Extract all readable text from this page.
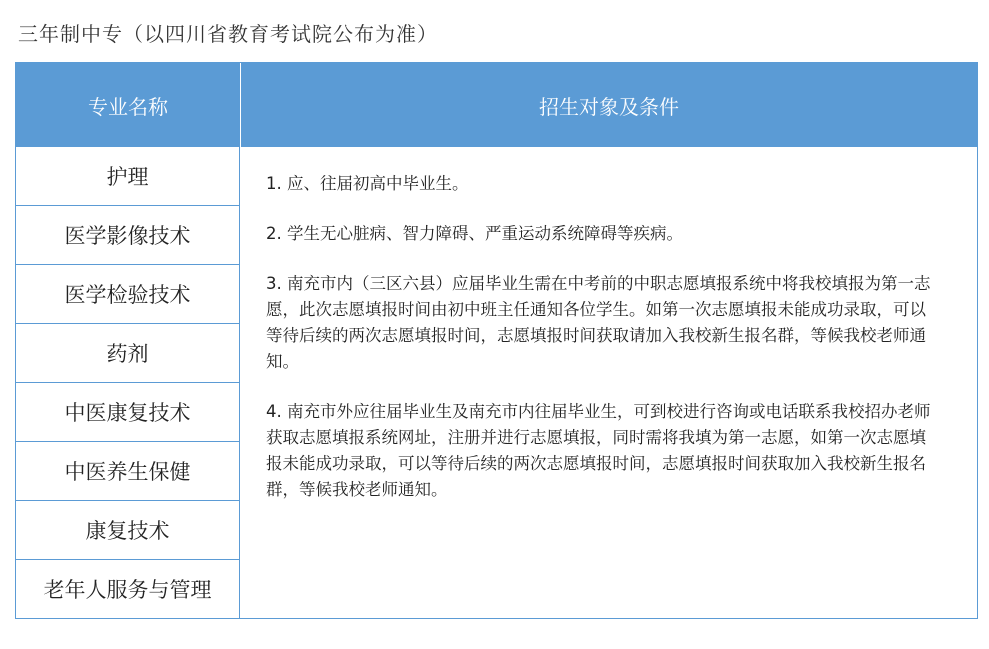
三年制中专（以四川省教育考试院公布为准）
专业名称	招生对象及条件
护理
医学影像技术
医学检验技术
药剂
中医康复技术
中医养生保健
康复技术
老年人服务与管理

1. 应、往届初高中毕业生。

2. 学生无心脏病、智力障碍、严重运动系统障碍等疾病。

3. 南充市内（三区六县）应届毕业生需在中考前的中职志愿填报系统中将我校填报为第一志愿，此次志愿填报时间由初中班主任通知各位学生。如第一次志愿填报未能成功录取，可以等待后续的两次志愿填报时间，志愿填报时间获取请加入我校新生报名群，等候我校老师通知。

4. 南充市外应往届毕业生及南充市内往届毕业生，可到校进行咨询或电话联系我校招办老师获取志愿填报系统网址，注册并进行志愿填报，同时需将我填为第一志愿，如第一次志愿填报未能成功录取，可以等待后续的两次志愿填报时间，志愿填报时间获取加入我校新生报名群，等候我校老师通知。
